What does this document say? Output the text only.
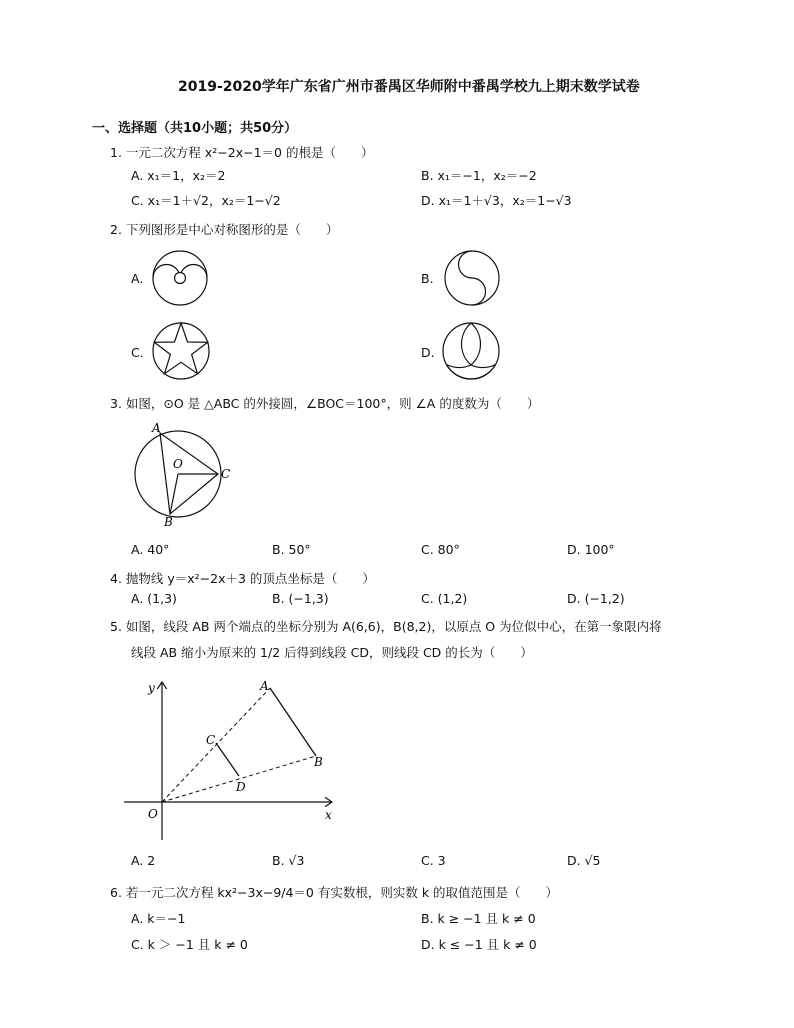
2019-2020学年广东省广州市番禺区华师附中番禺学校九上期末数学试卷
一、选择题（共10小题；共50分）
1. 一元二次方程 x²−2x−1＝0 的根是（　　）
A. x₁＝1，x₂＝2	B. x₁＝−1，x₂＝−2
C. x₁＝1＋√2，x₂＝1−√2	D. x₁＝1＋√3，x₂＝1−√3
2. 下列图形是中心对称图形的是（　　）
A.	B.
C.	D.
3. 如图，⊙O 是 △ABC 的外接圆，∠BOC＝100°，则 ∠A 的度数为（　　）
A
B
C
O
A. 40°	B. 50°	C. 80°	D. 100°
4. 抛物线 y＝x²−2x＋3 的顶点坐标是（　　）
A. (1,3)	B. (−1,3)	C. (1,2)	D. (−1,2)
5. 如图，线段 AB 两个端点的坐标分别为 A(6,6)，B(8,2)，以原点 O 为位似中心，在第一象限内将
线段 AB 缩小为原来的 1/2 后得到线段 CD，则线段 CD 的长为（　　）
y
x
O
A
B
C
D
A. 2	B. √3	C. 3	D. √5
6. 若一元二次方程 kx²−3x−9/4＝0 有实数根，则实数 k 的取值范围是（　　）
A. k＝−1	B. k ≥ −1 且 k ≠ 0
C. k ＞ −1 且 k ≠ 0	D. k ≤ −1 且 k ≠ 0
